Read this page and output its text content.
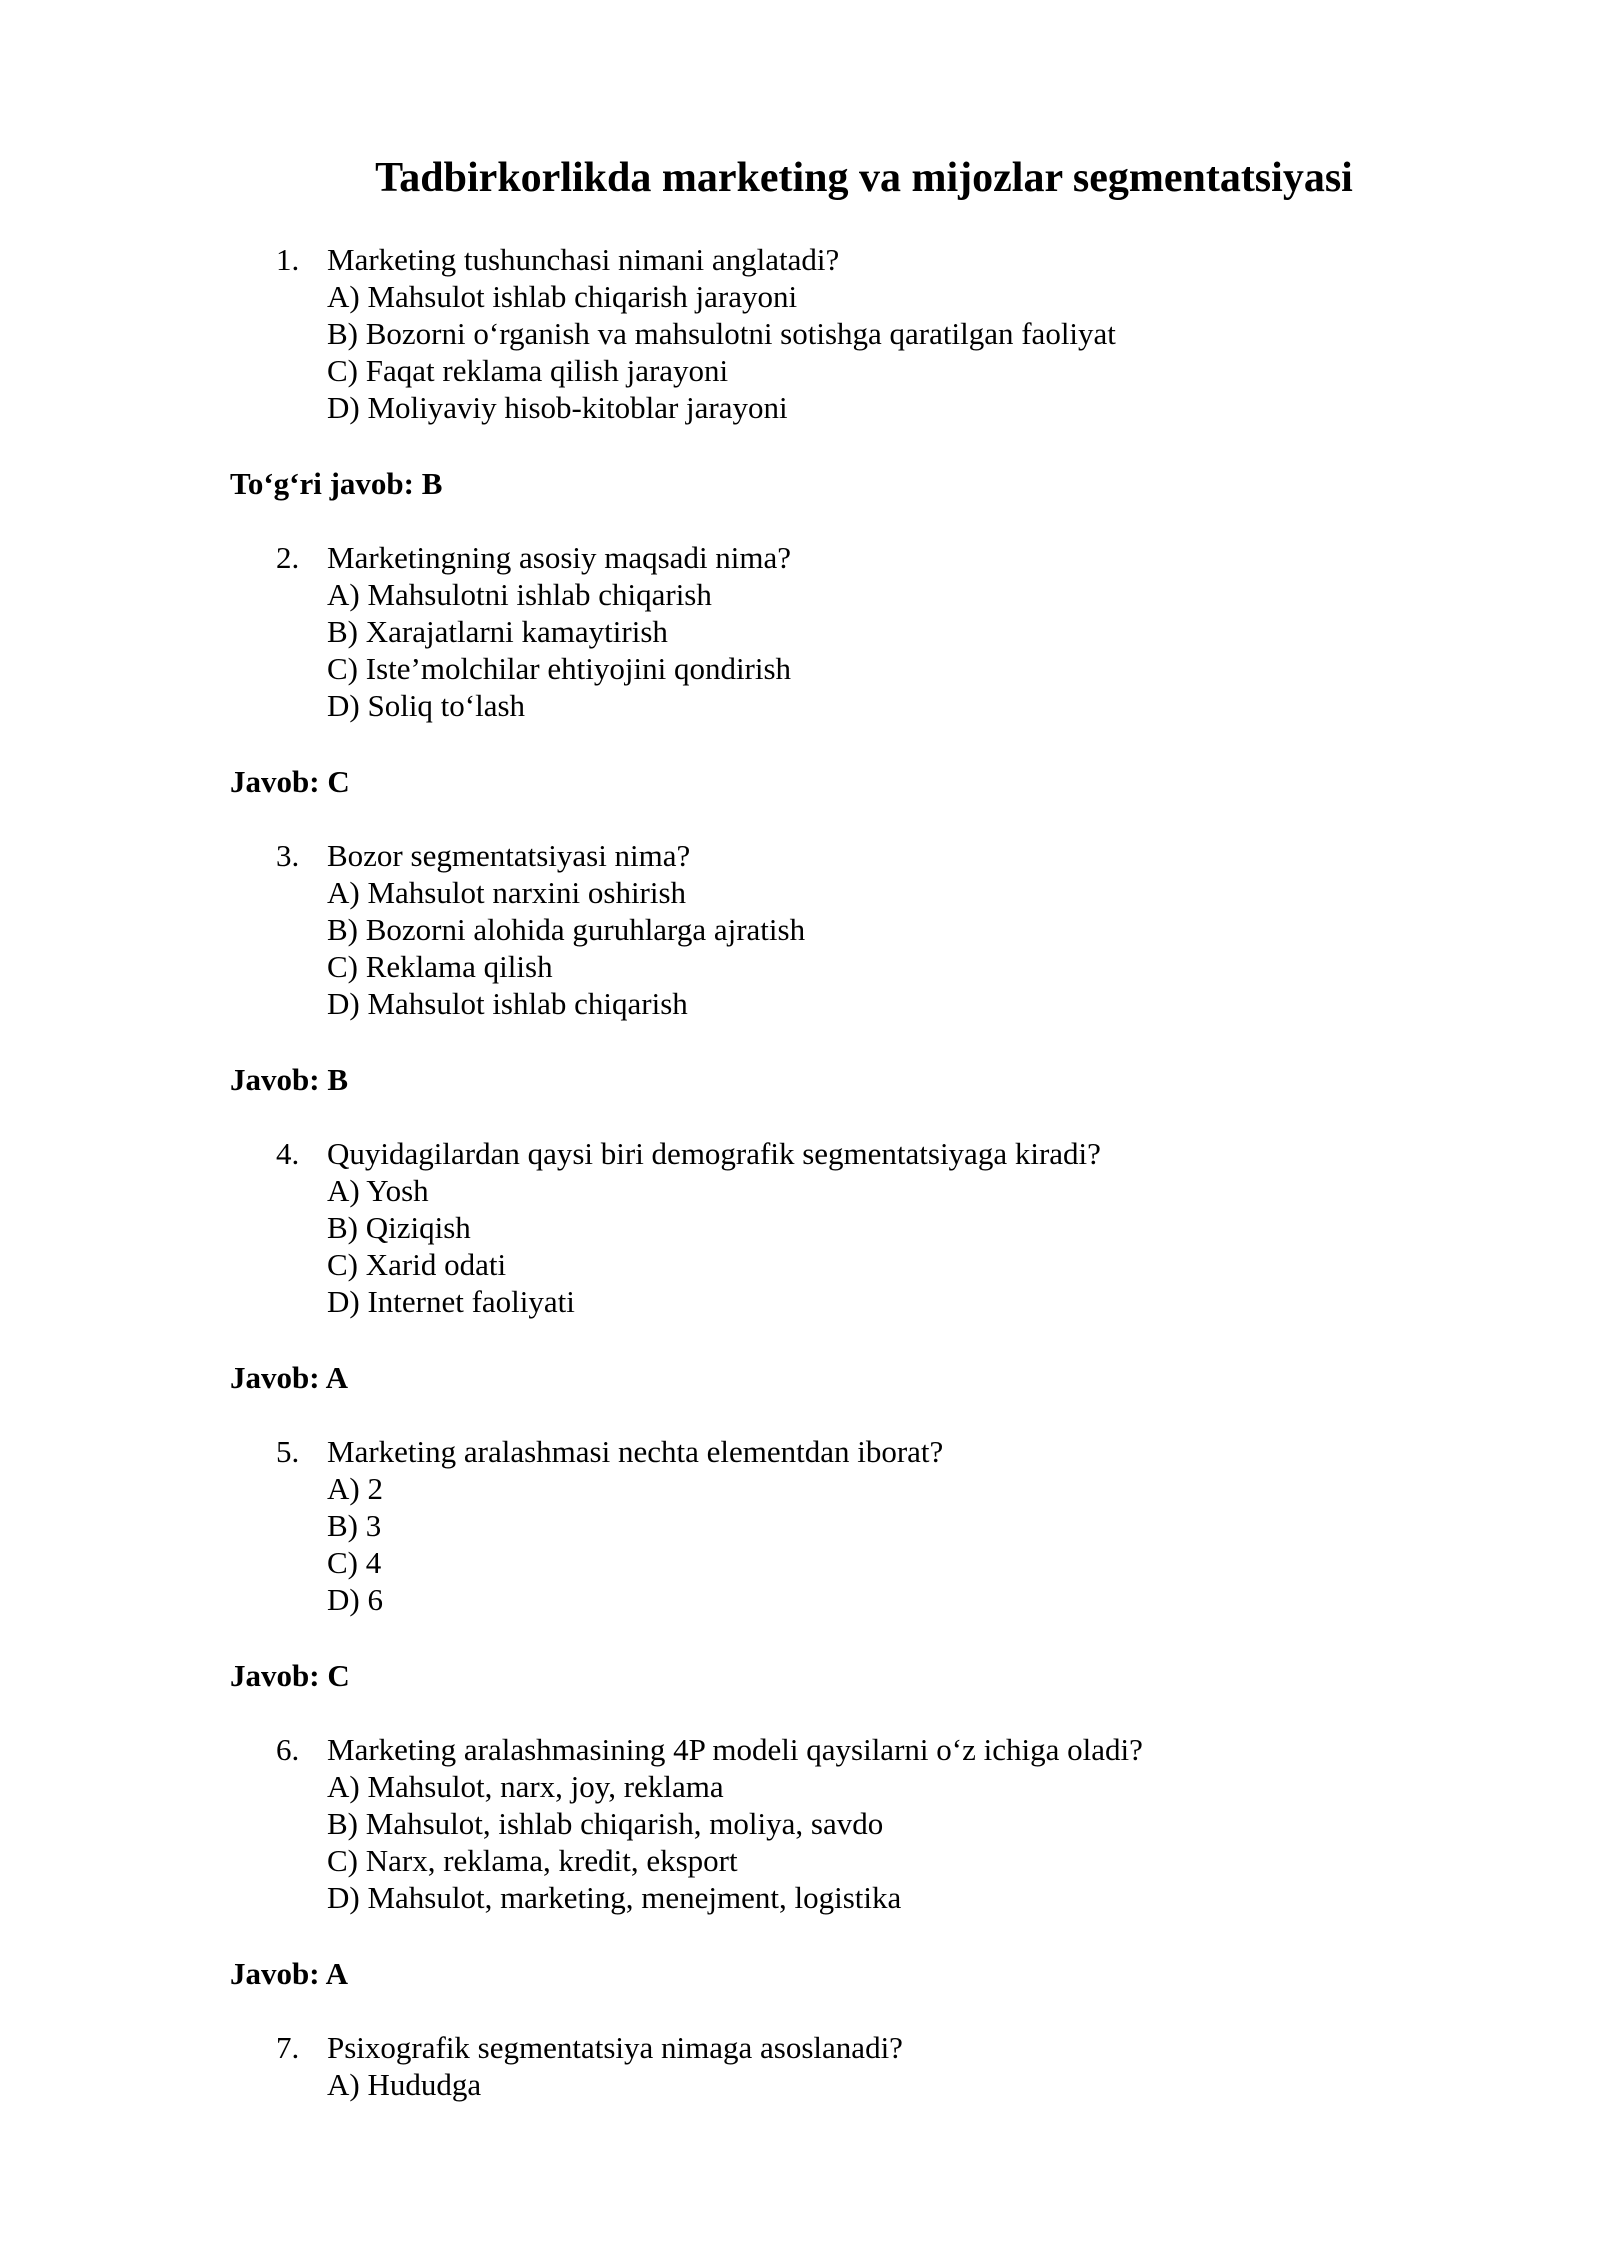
Tadbirkorlikda marketing va mijozlar segmentatsiyasi
1. Marketing tushunchasi nimani anglatadi?
A) Mahsulot ishlab chiqarish jarayoni
B) Bozorni o‘rganish va mahsulotni sotishga qaratilgan faoliyat
C) Faqat reklama qilish jarayoni
D) Moliyaviy hisob-kitoblar jarayoni
To‘g‘ri javob: B
2. Marketingning asosiy maqsadi nima?
A) Mahsulotni ishlab chiqarish
B) Xarajatlarni kamaytirish
C) Iste’molchilar ehtiyojini qondirish
D) Soliq to‘lash
Javob: C
3. Bozor segmentatsiyasi nima?
A) Mahsulot narxini oshirish
B) Bozorni alohida guruhlarga ajratish
C) Reklama qilish
D) Mahsulot ishlab chiqarish
Javob: B
4. Quyidagilardan qaysi biri demografik segmentatsiyaga kiradi?
A) Yosh
B) Qiziqish
C) Xarid odati
D) Internet faoliyati
Javob: A
5. Marketing aralashmasi nechta elementdan iborat?
A) 2
B) 3
C) 4
D) 6
Javob: C
6. Marketing aralashmasining 4P modeli qaysilarni o‘z ichiga oladi?
A) Mahsulot, narx, joy, reklama
B) Mahsulot, ishlab chiqarish, moliya, savdo
C) Narx, reklama, kredit, eksport
D) Mahsulot, marketing, menejment, logistika
Javob: A
7. Psixografik segmentatsiya nimaga asoslanadi?
A) Hududga
